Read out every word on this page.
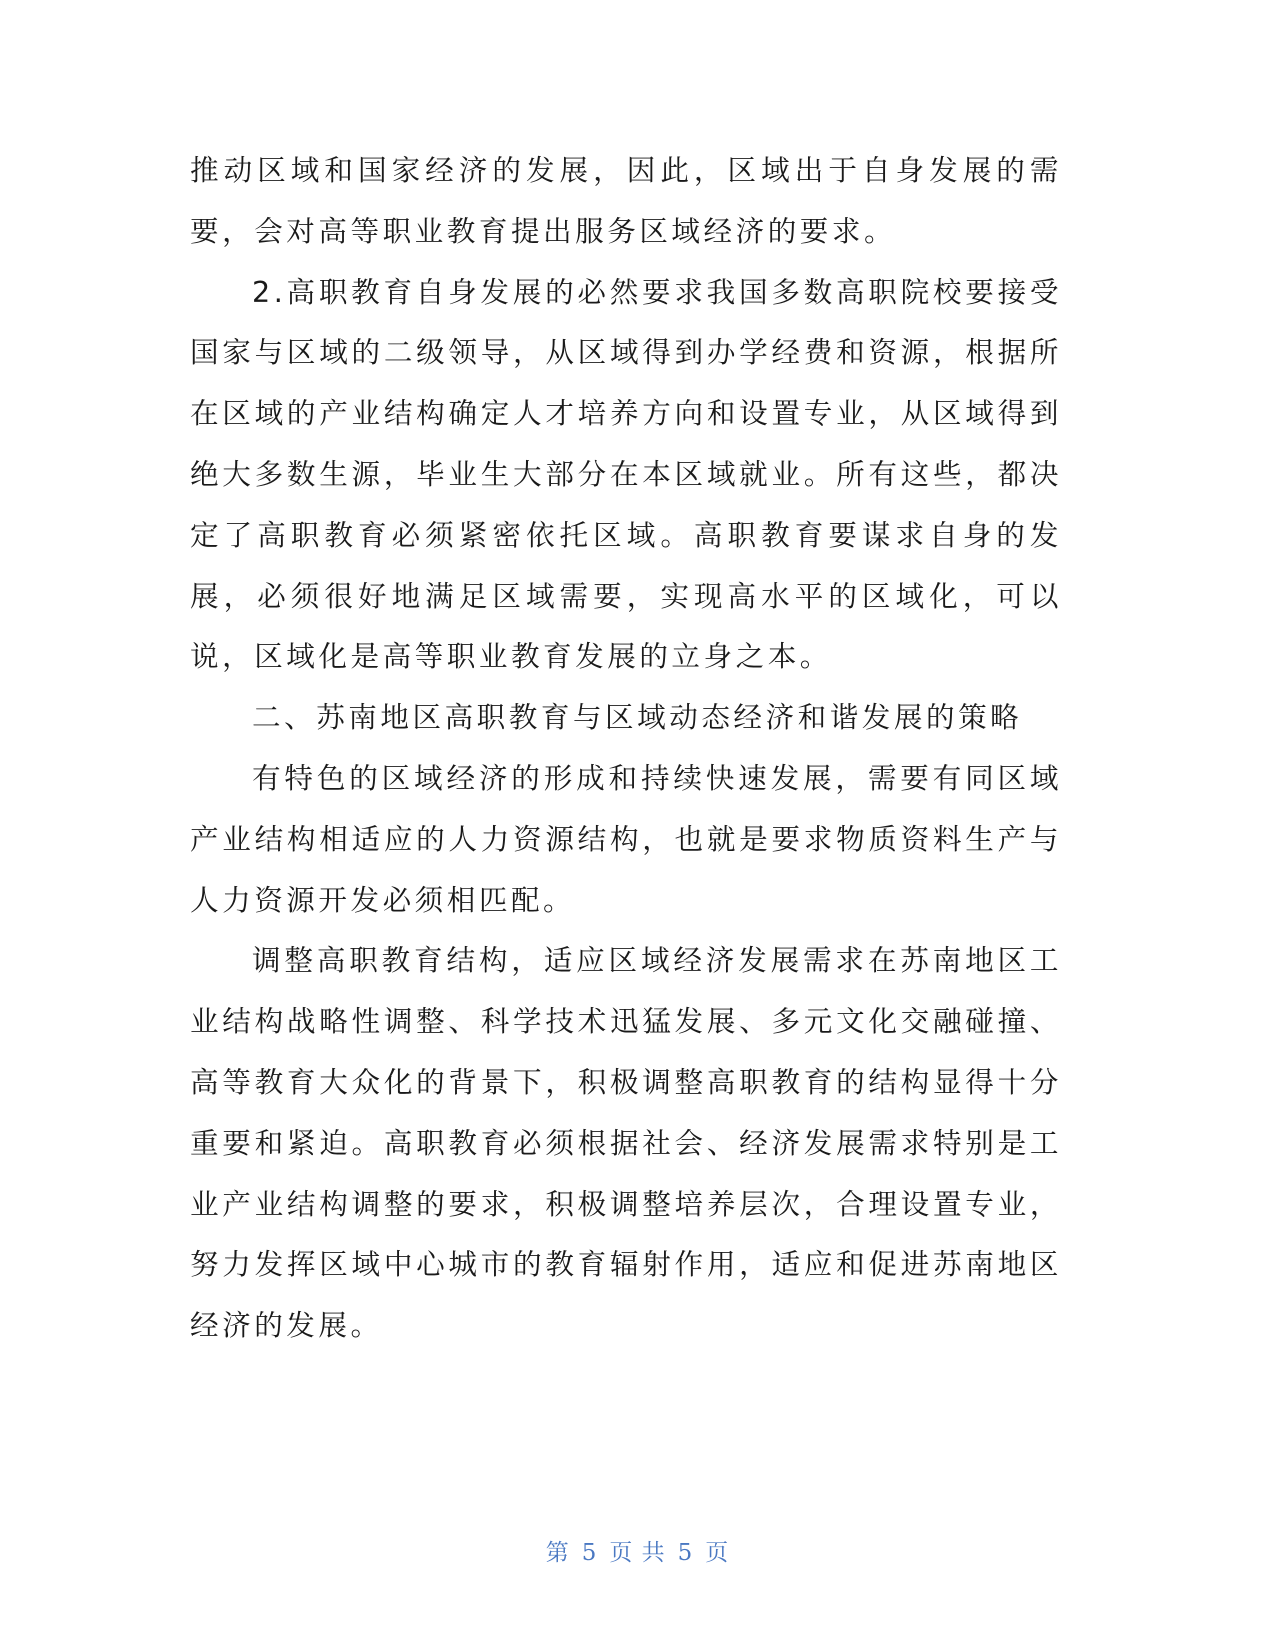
推动区域和国家经济的发展，因此，区域出于自身发展的需要，会对高等职业教育提出服务区域经济的要求。

2.高职教育自身发展的必然要求我国多数高职院校要接受国家与区域的二级领导，从区域得到办学经费和资源，根据所在区域的产业结构确定人才培养方向和设置专业，从区域得到绝大多数生源，毕业生大部分在本区域就业。所有这些，都决定了高职教育必须紧密依托区域。高职教育要谋求自身的发展，必须很好地满足区域需要，实现高水平的区域化，可以说，区域化是高等职业教育发展的立身之本。

二、苏南地区高职教育与区域动态经济和谐发展的策略

有特色的区域经济的形成和持续快速发展，需要有同区域产业结构相适应的人力资源结构，也就是要求物质资料生产与人力资源开发必须相匹配。

调整高职教育结构，适应区域经济发展需求在苏南地区工业结构战略性调整、科学技术迅猛发展、多元文化交融碰撞、高等教育大众化的背景下，积极调整高职教育的结构显得十分重要和紧迫。高职教育必须根据社会、经济发展需求特别是工业产业结构调整的要求，积极调整培养层次，合理设置专业，努力发挥区域中心城市的教育辐射作用，适应和促进苏南地区经济的发展。

第 5 页 共 5 页
